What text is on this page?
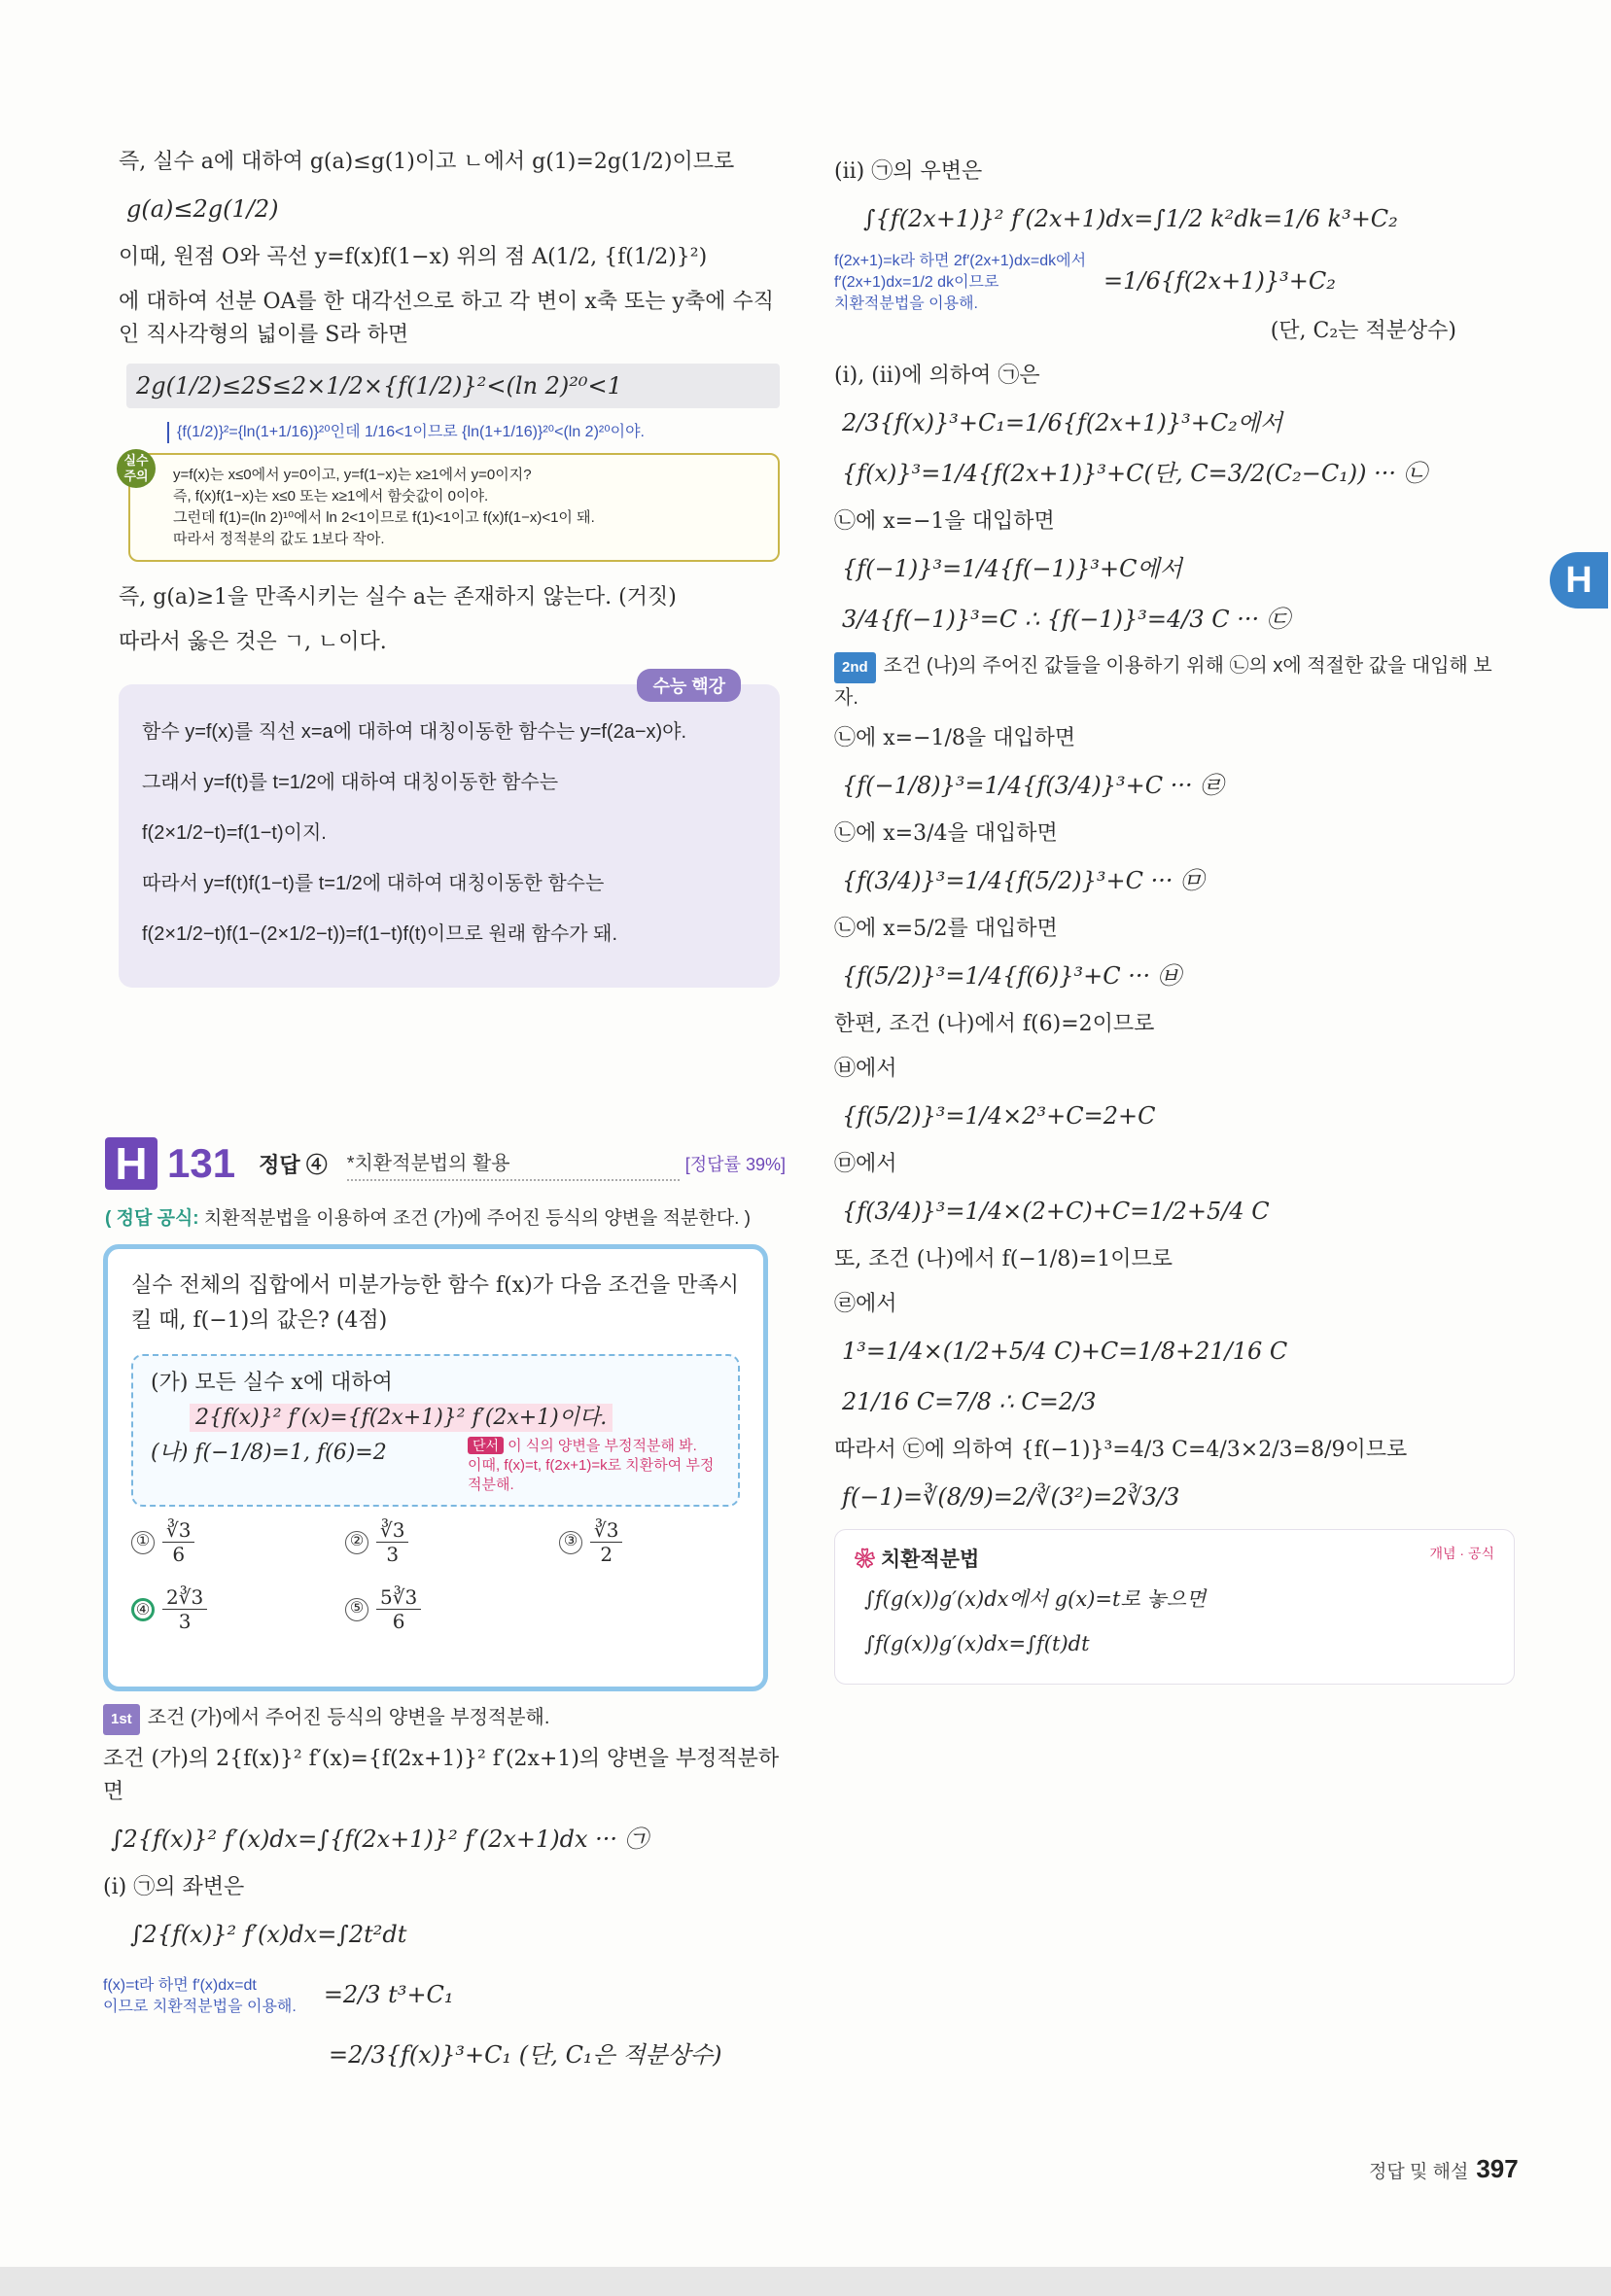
즉, 실수 a에 대하여 g(a)≤g(1)이고 ㄴ에서 g(1)=2g(1/2)이므로
g(a)≤2g(1/2)
이때, 원점 O와 곡선 y=f(x)f(1−x) 위의 점 A(1/2, {f(1/2)}²)
에 대하여 선분 OA를 한 대각선으로 하고 각 변이 x축 또는 y축에 수직인 직사각형의 넓이를 S라 하면
2g(1/2)≤2S≤2×1/2×{f(1/2)}²<(ln 2)²⁰<1
{f(1/2)}²={ln(1+1/16)}²⁰인데 1/16<1이므로 {ln(1+1/16)}²⁰<(ln 2)²⁰이야.
실수 주의	y=f(x)는 x≤0에서 y=0이고, y=f(1−x)는 x≥1에서 y=0이지?
즉, f(x)f(1−x)는 x≤0 또는 x≥1에서 함숫값이 0이야.
그런데 f(1)=(ln 2)¹⁰에서 ln 2<1이므로 f(1)<1이고 f(x)f(1−x)<1이 돼.
따라서 정적분의 값도 1보다 작아.
즉, g(a)≥1을 만족시키는 실수 a는 존재하지 않는다. (거짓)
따라서 옳은 것은 ㄱ, ㄴ이다.
수능 핵강
함수 y=f(x)를 직선 x=a에 대하여 대칭이동한 함수는 y=f(2a−x)야.
그래서 y=f(t)를 t=1/2에 대하여 대칭이동한 함수는
f(2×1/2−t)=f(1−t)이지.
따라서 y=f(t)f(1−t)를 t=1/2에 대하여 대칭이동한 함수는
f(2×1/2−t)f(1−(2×1/2−t))=f(1−t)f(t)이므로 원래 함수가 돼.
H 131 정답 ④ *치환적분법의 활용	[정답률 39%]
( 정답 공식: 치환적분법을 이용하여 조건 (가)에 주어진 등식의 양변을 적분한다. )
실수 전체의 집합에서 미분가능한 함수 f(x)가 다음 조건을 만족시킬 때, f(−1)의 값은? (4점)
(가) 모든 실수 x에 대하여
2{f(x)}² f′(x)={f(2x+1)}² f′(2x+1)이다.
(나) f(−1/8)=1, f(6)=2	단서 이 식의 양변을 부정적분해 봐.
이때, f(x)=t, f(2x+1)=k로 치환하여 부정적분해.
① $\frac{∛3}{6}$	② $\frac{∛3}{3}$	③ $\frac{∛3}{2}$
④ $\frac{2∛3}{3}$	⑤ $\frac{5∛3}{6}$
1st 조건 (가)에서 주어진 등식의 양변을 부정적분해.
조건 (가)의 2{f(x)}² f′(x)={f(2x+1)}² f′(2x+1)의 양변을 부정적분하면
∫2{f(x)}² f′(x)dx=∫{f(2x+1)}² f′(2x+1)dx ··· ㉠
(i) ㉠의 좌변은
∫2{f(x)}² f′(x)dx=∫2t²dt
f(x)=t라 하면 f′(x)dx=dt
이므로 치환적분법을 이용해. =2/3 t³+C₁
=2/3{f(x)}³+C₁ (단, C₁은 적분상수)
(ii) ㉠의 우변은
∫{f(2x+1)}² f′(2x+1)dx=∫1/2 k²dk=1/6 k³+C₂
f(2x+1)=k라 하면 2f′(2x+1)dx=dk에서
f′(2x+1)dx=1/2 dk이므로
치환적분법을 이용해.
=1/6{f(2x+1)}³+C₂
(단, C₂는 적분상수)
(i), (ii)에 의하여 ㉠은
2/3{f(x)}³+C₁=1/6{f(2x+1)}³+C₂에서
{f(x)}³=1/4{f(2x+1)}³+C(단, C=3/2(C₂−C₁)) ··· ㉡
㉡에 x=−1을 대입하면
{f(−1)}³=1/4{f(−1)}³+C에서
3/4{f(−1)}³=C ∴ {f(−1)}³=4/3 C ··· ㉢
2nd 조건 (나)의 주어진 값들을 이용하기 위해 ㉡의 x에 적절한 값을 대입해 보자.
㉡에 x=−1/8을 대입하면
{f(−1/8)}³=1/4{f(3/4)}³+C ··· ㉣
㉡에 x=3/4을 대입하면
{f(3/4)}³=1/4{f(5/2)}³+C ··· ㉤
㉡에 x=5/2를 대입하면
{f(5/2)}³=1/4{f(6)}³+C ··· ㉥
한편, 조건 (나)에서 f(6)=2이므로
㉥에서
{f(5/2)}³=1/4×2³+C=2+C
㉤에서
{f(3/4)}³=1/4×(2+C)+C=1/2+5/4 C
또, 조건 (나)에서 f(−1/8)=1이므로
㉣에서
1³=1/4×(1/2+5/4 C)+C=1/8+21/16 C
21/16 C=7/8 ∴ C=2/3
따라서 ㉢에 의하여 {f(−1)}³=4/3 C=4/3×2/3=8/9이므로
f(−1)=∛(8/9)=2/∛(3²)=2∛3/3
❀ 치환적분법	개념 · 공식
∫f(g(x))g′(x)dx에서 g(x)=t로 놓으면
∫f(g(x))g′(x)dx=∫f(t)dt
H
정답 및 해설 397
